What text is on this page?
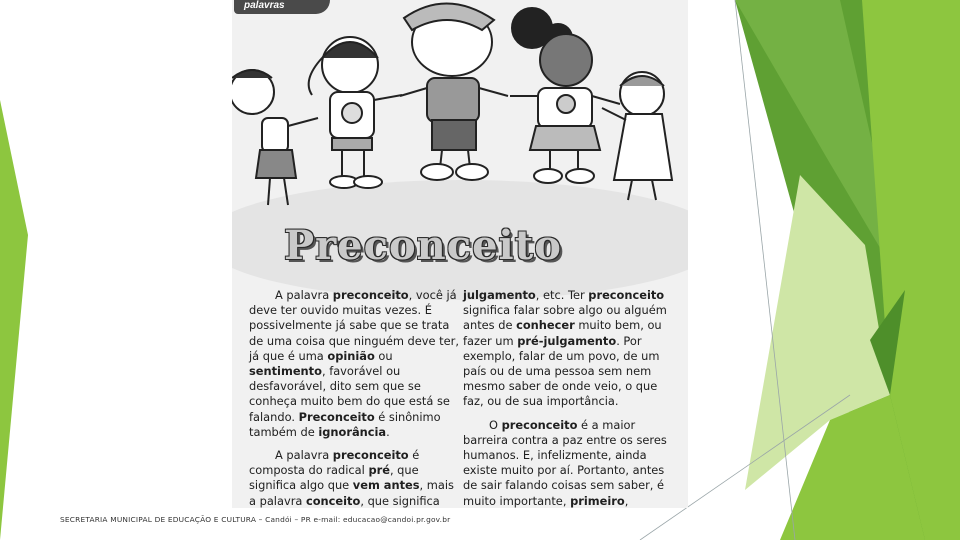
palavras
Preconceito

A palavra preconceito, você já deve ter ouvido muitas vezes. É possivelmente já sabe que se trata de uma coisa que ninguém deve ter, já que é uma opinião ou sentimento, favorável ou desfavorável, dito sem que se conheça muito bem do que está se falando. Preconceito é sinônimo também de ignorância.

A palavra preconceito é composta do radical pré, que significa algo que vem antes, mais a palavra conceito, que significa

julgamento, etc. Ter preconceito significa falar sobre algo ou alguém antes de conhecer muito bem, ou fazer um pré-julgamento. Por exemplo, falar de um povo, de um país ou de uma pessoa sem nem mesmo saber de onde veio, o que faz, ou de sua importância.

O preconceito é a maior barreira contra a paz entre os seres humanos. E, infelizmente, ainda existe muito por aí. Portanto, antes de sair falando coisas sem saber, é muito importante, primeiro,

SECRETARIA MUNICIPAL DE EDUCAÇÃO E CULTURA – Candói – PR e-mail: educacao@candoi.pr.gov.br
